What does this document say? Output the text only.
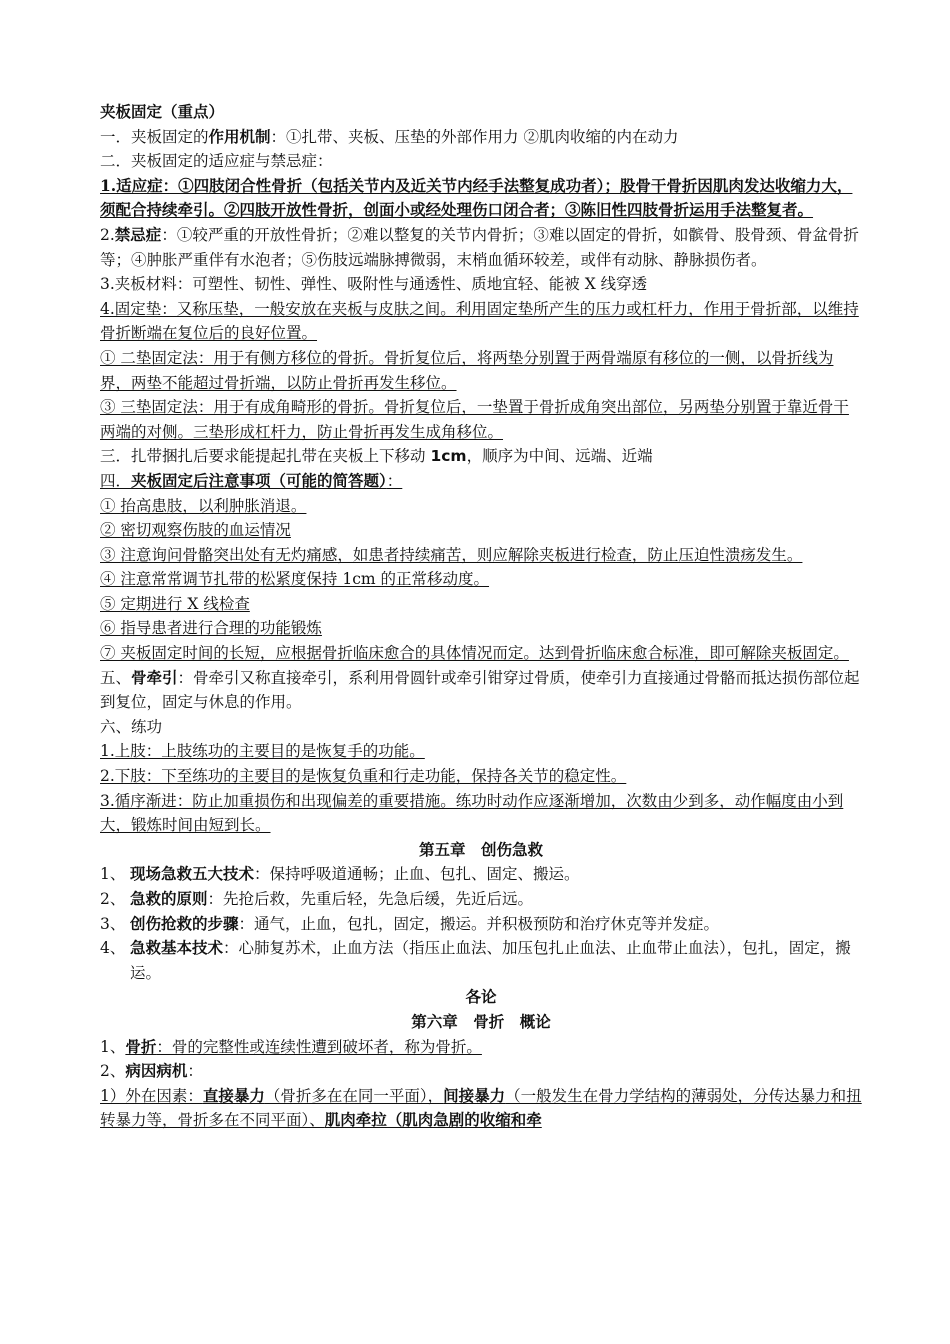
夹板固定（重点）

一．夹板固定的作用机制：①扎带、夹板、压垫的外部作用力 ②肌肉收缩的内在动力

二．夹板固定的适应症与禁忌症：

1.适应症：①四肢闭合性骨折（包括关节内及近关节内经手法整复成功者）；股骨干骨折因肌肉发达收缩力大，须配合持续牵引。②四肢开放性骨折，创面小或经处理伤口闭合者；③陈旧性四肢骨折运用手法整复者。

2.禁忌症：①较严重的开放性骨折；②难以整复的关节内骨折；③难以固定的骨折，如髌骨、股骨颈、骨盆骨折等；④肿胀严重伴有水泡者；⑤伤肢远端脉搏微弱，末梢血循环较差，或伴有动脉、静脉损伤者。

3.夹板材料：可塑性、韧性、弹性、吸附性与通透性、质地宜轻、能被 X 线穿透

4.固定垫：又称压垫，一般安放在夹板与皮肤之间。利用固定垫所产生的压力或杠杆力，作用于骨折部，以维持骨折断端在复位后的良好位置。

① 二垫固定法：用于有侧方移位的骨折。骨折复位后，将两垫分别置于两骨端原有移位的一侧，以骨折线为界，两垫不能超过骨折端，以防止骨折再发生移位。

③ 三垫固定法：用于有成角畸形的骨折。骨折复位后，一垫置于骨折成角突出部位，另两垫分别置于靠近骨干两端的对侧。三垫形成杠杆力，防止骨折再发生成角移位。

三．扎带捆扎后要求能提起扎带在夹板上下移动 1cm，顺序为中间、远端、近端

四．夹板固定后注意事项（可能的简答题）：

① 抬高患肢，以利肿胀消退。

② 密切观察伤肢的血运情况

③ 注意询问骨骼突出处有无灼痛感，如患者持续痛苦，则应解除夹板进行检查，防止压迫性溃疡发生。

④ 注意常常调节扎带的松紧度保持 1cm 的正常移动度。

⑤ 定期进行 X 线检查

⑥ 指导患者进行合理的功能锻炼

⑦ 夹板固定时间的长短，应根据骨折临床愈合的具体情况而定。达到骨折临床愈合标准，即可解除夹板固定。

五、骨牵引：骨牵引又称直接牵引，系利用骨圆针或牵引钳穿过骨质，使牵引力直接通过骨骼而抵达损伤部位起到复位，固定与休息的作用。

六、练功

1.上肢：上肢练功的主要目的是恢复手的功能。

2.下肢：下至练功的主要目的是恢复负重和行走功能，保持各关节的稳定性。

3.循序渐进：防止加重损伤和出现偏差的重要措施。练功时动作应逐渐增加，次数由少到多，动作幅度由小到大，锻炼时间由短到长。

第五章　创伤急救

1、 现场急救五大技术：保持呼吸道通畅；止血、包扎、固定、搬运。

2、 急救的原则：先抢后救，先重后轻，先急后缓，先近后远。

3、 创伤抢救的步骤：通气，止血，包扎，固定，搬运。并积极预防和治疗休克等并发症。

4、 急救基本技术：心肺复苏术，止血方法（指压止血法、加压包扎止血法、止血带止血法），包扎，固定，搬运。

各论

第六章　骨折　概论

1、骨折：骨的完整性或连续性遭到破坏者，称为骨折。

2、病因病机：

1）外在因素：直接暴力（骨折多在在同一平面），间接暴力（一般发生在骨力学结构的薄弱处，分传达暴力和扭转暴力等，骨折多在不同平面）、肌肉牵拉（肌肉急剧的收缩和牵
